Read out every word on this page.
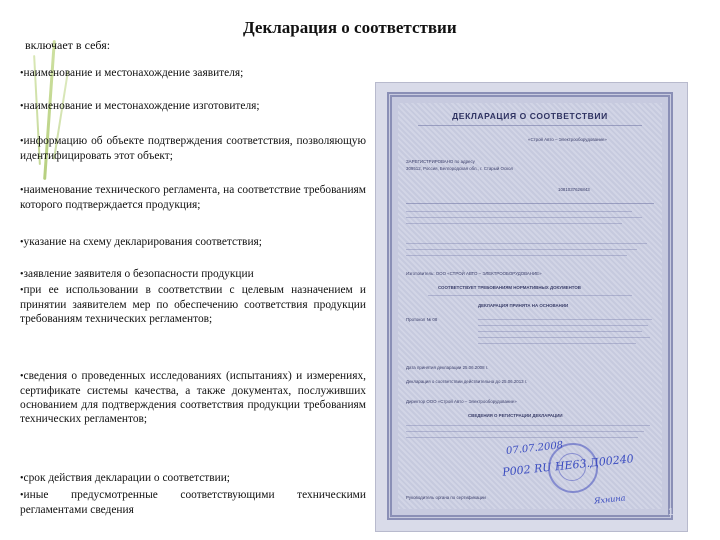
Декларация о соответствии
включает в себя:
•наименование и местонахождение заявителя;
•наименование и местонахождение изготовителя;
•информацию об объекте подтверждения соответствия, позволяющую идентифицировать этот объект;
•наименование технического регламента, на соответствие требованиям которого подтверждается продукция;
•указание на схему декларирования соответствия;
•заявление заявителя о безопасности продукции
•при ее использовании в соответствии с целевым назначением и принятии заявителем мер по обеспечению соответствия продукции требованиям технических регламентов;
•сведения о проведенных исследованиях (испытаниях) и измерениях, сертификате системы качества, а также документах, послуживших основанием для подтверждения соответствия продукции требованиям технических регламентов;
•срок действия декларации о соответствии;
•иные предусмотренные соответствующими техническими регламентами сведения
ДЕКЛАРАЦИЯ О СООТВЕТСТВИИ
«Строй Авто – Электрооборудование»
ЗАРЕГИСТРИРОВАНО по адресу
309512, Россия, Белгородская обл., г. Старый Оскол
1081037626843
Изготовитель: ООО «СТРОЙ АВТО – ЭЛЕКТРООБОРУДОВАНИЕ»
СООТВЕТСТВУЕТ ТРЕБОВАНИЯМ НОРМАТИВНЫХ ДОКУМЕНТОВ
ДЕКЛАРАЦИЯ ПРИНЯТА НА ОСНОВАНИИ
Протокол № 08
Дата принятия декларации 25.06.2008 г.
Декларация о соответствии действительна до 25.06.2013 г.
Директор ООО «Строй Авто – Электрооборудование»
СВЕДЕНИЯ О РЕГИСТРАЦИИ ДЕКЛАРАЦИИ
07.07.2008
Р002 RU НЕ63.Д00240
Руководитель органа по сертификации	Яхнина
12
